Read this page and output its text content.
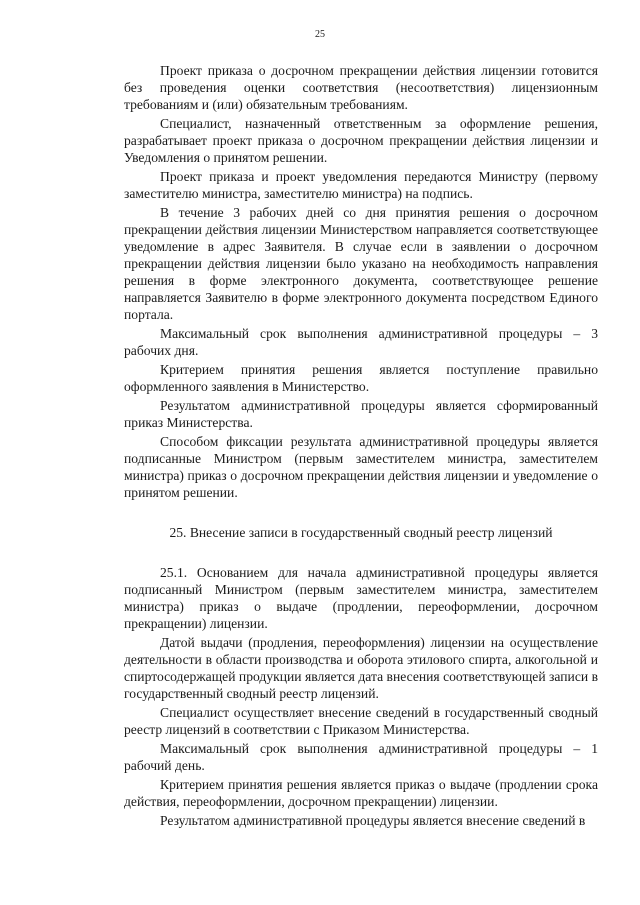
25

Проект приказа о досрочном прекращении действия лицензии готовится без проведения оценки соответствия (несоответствия) лицензионным требованиям и (или) обязательным требованиям.

Специалист, назначенный ответственным за оформление решения, разрабатывает проект приказа о досрочном прекращении действия лицензии и Уведомления о принятом решении.

Проект приказа и проект уведомления передаются Министру (первому заместителю министра, заместителю министра) на подпись.

В течение 3 рабочих дней со дня принятия решения о досрочном прекращении действия лицензии Министерством направляется соответствующее уведомление в адрес Заявителя. В случае если в заявлении о досрочном прекращении действия лицензии было указано на необходимость направления решения в форме электронного документа, соответствующее решение направляется Заявителю в форме электронного документа посредством Единого портала.

Максимальный срок выполнения административной процедуры – 3 рабочих дня.

Критерием принятия решения является поступление правильно оформленного заявления в Министерство.

Результатом административной процедуры является сформированный приказ Министерства.

Способом фиксации результата административной процедуры является подписанные Министром (первым заместителем министра, заместителем министра) приказ о досрочном прекращении действия лицензии и уведомление о принятом решении.

25. Внесение записи в государственный сводный реестр лицензий

25.1. Основанием для начала административной процедуры является подписанный Министром (первым заместителем министра, заместителем министра) приказ о выдаче (продлении, переоформлении, досрочном прекращении) лицензии.

Датой выдачи (продления, переоформления) лицензии на осуществление деятельности в области производства и оборота этилового спирта, алкогольной и спиртосодержащей продукции является дата внесения соответствующей записи в государственный сводный реестр лицензий.

Специалист осуществляет внесение сведений в государственный сводный реестр лицензий в соответствии с Приказом Министерства.

Максимальный срок выполнения административной процедуры – 1 рабочий день.

Критерием принятия решения является приказ о выдаче (продлении срока действия, переоформлении, досрочном прекращении) лицензии.

Результатом административной процедуры является внесение сведений в
